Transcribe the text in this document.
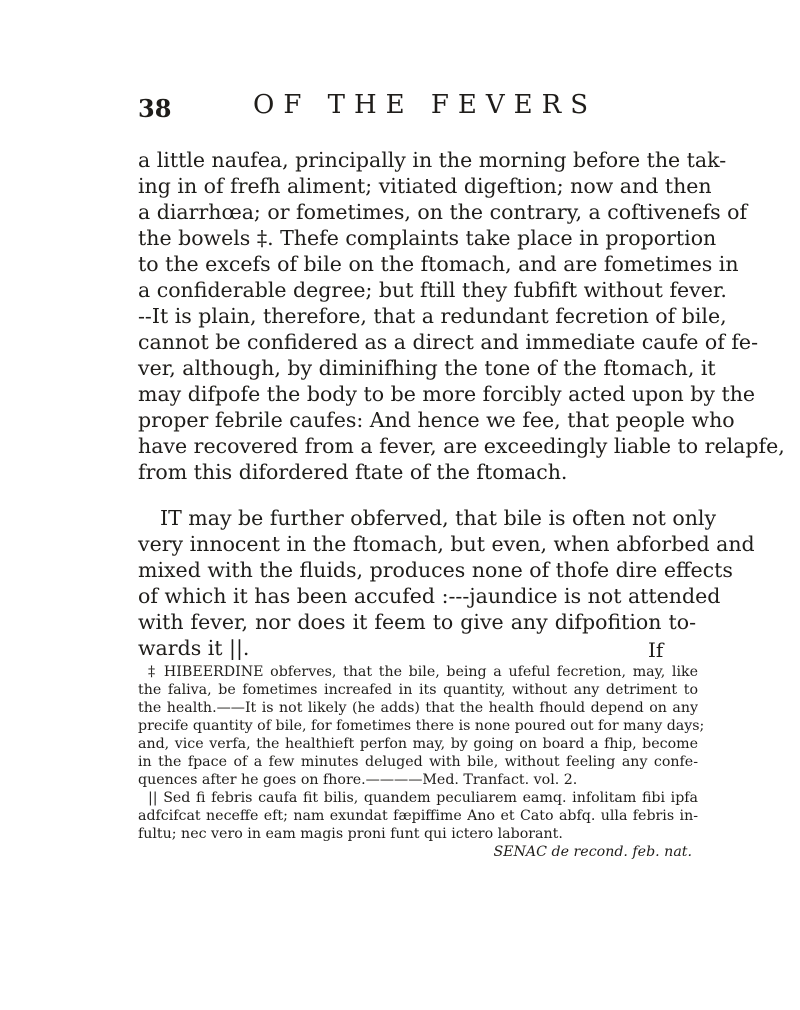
38	OF THE FEVERS
a little naufea, principally in the morning before the tak-
ing in of frefh aliment; vitiated digeftion; now and then
a diarrhœa; or fometimes, on the contrary, a coftivenefs of
the bowels ‡. Thefe complaints take place in proportion
to the excefs of bile on the ftomach, and are fometimes in
a confiderable degree; but ftill they fubfift without fever.
--It is plain, therefore, that a redundant fecretion of bile,
cannot be confidered as a direct and immediate caufe of fe-
ver, although, by diminifhing the tone of the ftomach, it
may difpofe the body to be more forcibly acted upon by the
proper febrile caufes: And hence we fee, that people who
have recovered from a fever, are exceedingly liable to relapfe,
from this difordered ftate of the ftomach.
IT may be further obferved, that bile is often not only
very innocent in the ftomach, but even, when abforbed and
mixed with the fluids, produces none of thofe dire effects
of which it has been accufed :---jaundice is not attended
with fever, nor does it feem to give any difpofition to-
wards it ||.	If
‡ HIBEERDINE obferves, that the bile, being a ufeful fecretion, may, like
the faliva, be fometimes increafed in its quantity, without any detriment to
the health.——It is not likely (he adds) that the health fhould depend on any
precife quantity of bile, for fometimes there is none poured out for many days;
and, vice verfa, the healthieft perfon may, by going on board a fhip, become
in the fpace of a few minutes deluged with bile, without feeling any confe-
quences after he goes on fhore.————Med. Tranfact. vol. 2.
|| Sed fi febris caufa fit bilis, quandem peculiarem eamq. infolitam fibi ipfa
adfcifcat neceffe eft; nam exundat fæpiffime Ano et Cato abfq. ulla febris in-
fultu; nec vero in eam magis proni funt qui ictero laborant.
SENAC de recond. feb. nat.
